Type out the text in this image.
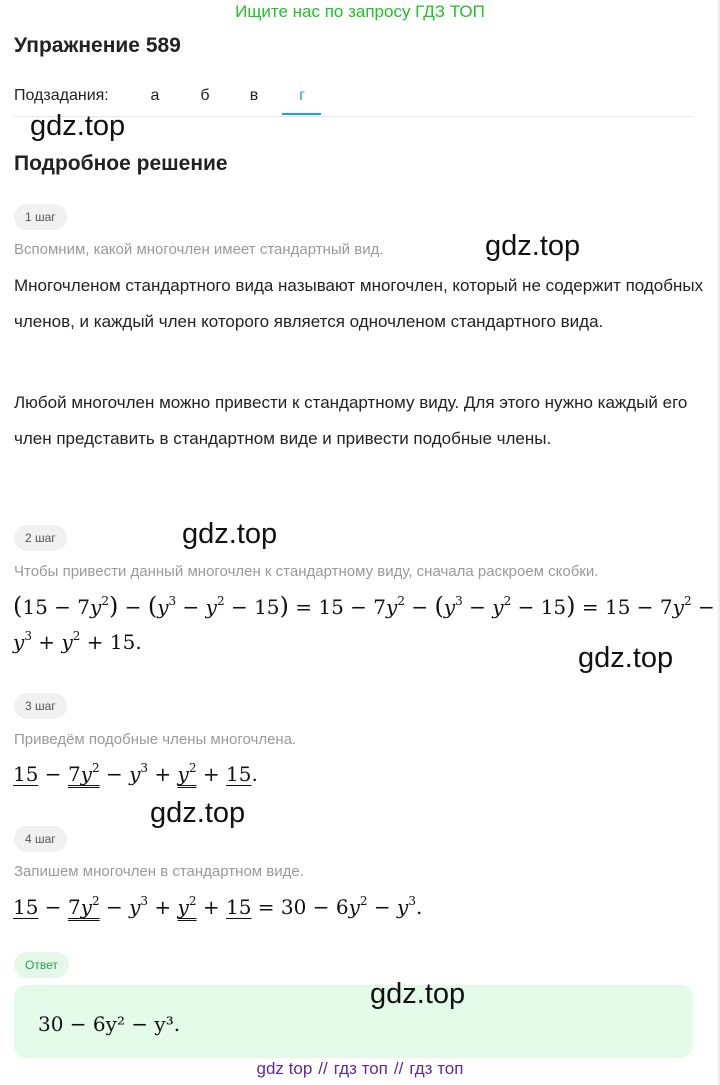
Ищите нас по запросу ГДЗ ТОП
Упражнение 589
Подзадания:	а	б	в	г
gdz.top
Подробное решение
1 шаг
Вспомним, какой многочлен имеет стандартный вид.	gdz.top
Многочленом стандартного вида называют многочлен, который не содержит подобных членов, и каждый член которого является одночленом стандартного вида.
Любой многочлен можно привести к стандартному виду. Для этого нужно каждый его член представить в стандартном виде и привести подобные члены.
2 шаг	gdz.top
Чтобы привести данный многочлен к стандартному виду, сначала раскроем скобки.
$(15 - 7y^2) - (y^3 - y^2 - 15) = 15 - 7y^2 - (y^3 - y^2 - 15) = 15 - 7y^2$ −
$y^3 + y^2 + 15$.	gdz.top
3 шаг
Приведём подобные члены многочлена.
$15 - 7y^2 - y^3 + y^2 + 15$.
gdz.top
4 шаг
Запишем многочлен в стандартном виде.
$15 - 7y^2 - y^3 + y^2 + 15 = 30 - 6y^2 - y^3$.
Ответ
gdz.top
30 − 6y² − y³.
gdz top // гдз топ // гдз топ
